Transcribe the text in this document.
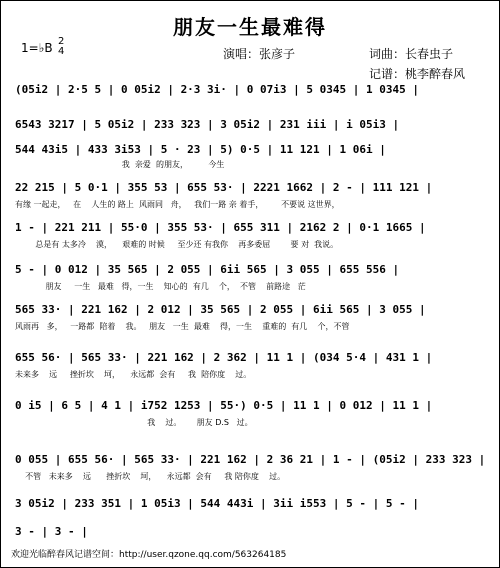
朋友一生最难得
1=♭B 2
4	演唱：张彦子	词曲：长春虫子
记谱：桃李醉春风
(05i2 | 2·5 5 | 0 05i2 | 2·3 3i· | 0 07i3 | 5 0345 | 1 0345 |
6543 3217 | 5 05i2 | 233 323 | 3 05i2 | 231 iii | i 05i3 |
544 43i5 | 433 3i53 | 5 · 23 | 5) 0·5 | 11 121 | 1 06i |
我  亲爱  的朋友，        今生
22 215 | 5 0·1 | 355 53 | 655 53· | 2221 1662 | 2 - | 111 121 |
有缘 一起走，   在    人生的 路上  风雨同   舟，   我们一路 亲 着手，       不要说 这世界，
1 - | 221 211 | 55·0 | 355 53· | 655 311 | 2162 2 | 0·1 1665 |
总是有 太多冷    漠，    艰难的 时候     至少还 有我你    再多委屈        要 对  我说。
5 - | 0 012 | 35 565 | 2 055 | 6ii 565 | 3 055 | 655 556 |
朋友     一生   最难   得，一生    知心的  有几    个，  不管    前路途   茫
565 33· | 221 162 | 2 012 | 35 565 | 2 055 | 6ii 565 | 3 055 |
风雨再   多，   一路都  陪着    我。   朋友   一生  最难    得，一生    重难的  有几    个，不管
655 56· | 565 33· | 221 162 | 2 362 | 11 1 | (034 5·4 | 431 1 |
未来多    远     挫折坎    坷，    永远都  会有     我  陪你度    过。
0 i5 | 6 5 | 4 1 | i752 1253 | 55·) 0·5 | 11 1 | 0 012 | 11 1 |
我    过。      朋友 D.S   过。
0 055 | 655 56· | 565 33· | 221 162 | 2 36 21 | 1 - | (05i2 | 233 323 |
不管   未来多    远      挫折坎    坷，    永远都  会有     我 陪你度    过。
3 05i2 | 233 351 | 1 05i3 | 544 443i | 3ii i553 | 5 - | 5 - |
3 - | 3 - |
欢迎光临醉春风记谱空间：http://user.qzone.qq.com/563264185
